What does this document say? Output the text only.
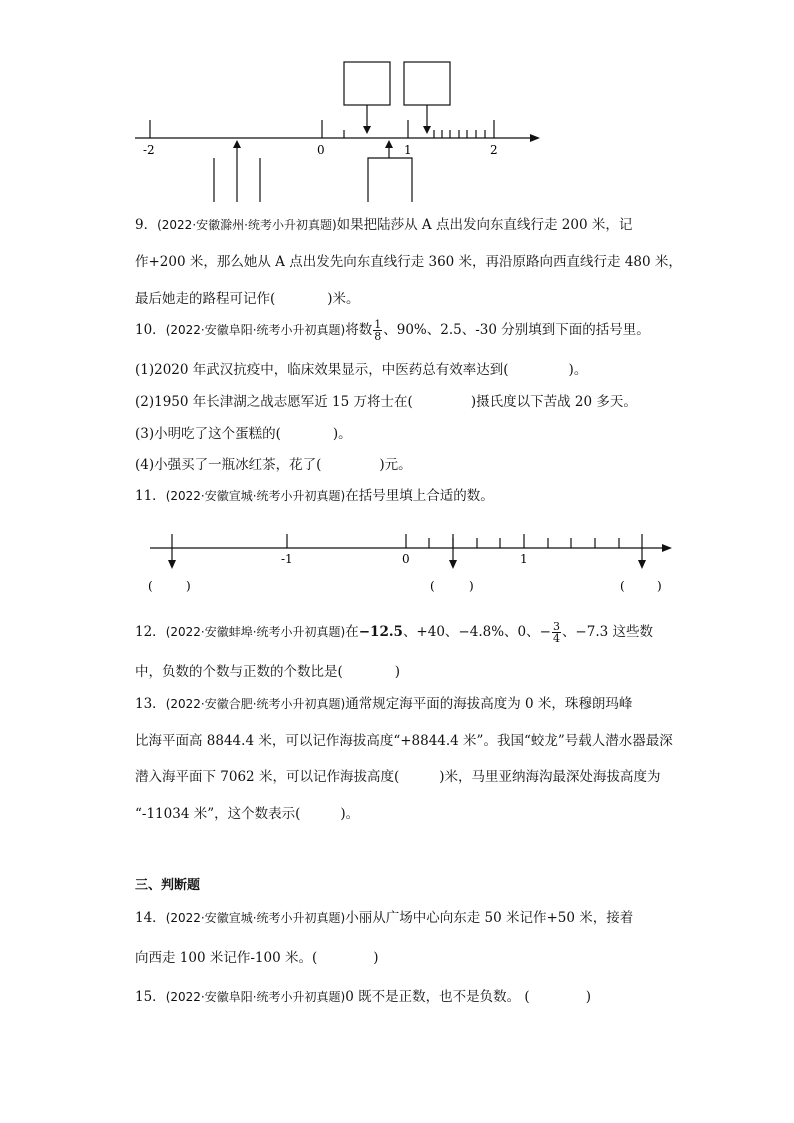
-2	0	1	2
9．(2022·安徽滁州·统考小升初真题)如果把陆莎从 A 点出发向东直线行走 200 米，记
作+200 米，那么她从 A 点出发先向东直线行走 360 米，再沿原路向西直线行走 480 米，
最后她走的路程可记作(	)米。
10．(2022·安徽阜阳·统考小升初真题)将数 $\frac{1}{8}$ 、90%、2.5、-30 分别填到下面的括号里。
(1)2020 年武汉抗疫中，临床效果显示，中医药总有效率达到(	)。
(2)1950 年长津湖之战志愿军近 15 万将士在(	)摄氏度以下苦战 20 多天。
(3)小明吃了这个蛋糕的(	)。
(4)小强买了一瓶冰红茶，花了(	)元。
11．(2022·安徽宣城·统考小升初真题)在括号里填上合适的数。
-1	0	1
(	)	(	)	(	)
12．(2022·安徽蚌埠·统考小升初真题)在−12.5、+40、−4.8%、0、− $\frac{3}{4}$ 、−7.3 这些数
中，负数的个数与正数的个数比是(	)
13．(2022·安徽合肥·统考小升初真题)通常规定海平面的海拔高度为 0 米，珠穆朗玛峰
比海平面高 8844.4 米，可以记作海拔高度“+8844.4 米”。我国“蛟龙”号载人潜水器最深
潜入海平面下 7062 米，可以记作海拔高度(	)米，马里亚纳海沟最深处海拔高度为
“-11034 米”，这个数表示(	)。
三、判断题
14．(2022·安徽宣城·统考小升初真题)小丽从广场中心向东走 50 米记作+50 米，接着
向西走 100 米记作-100 米。(	)
15．(2022·安徽阜阳·统考小升初真题)0 既不是正数，也不是负数。 (	)
